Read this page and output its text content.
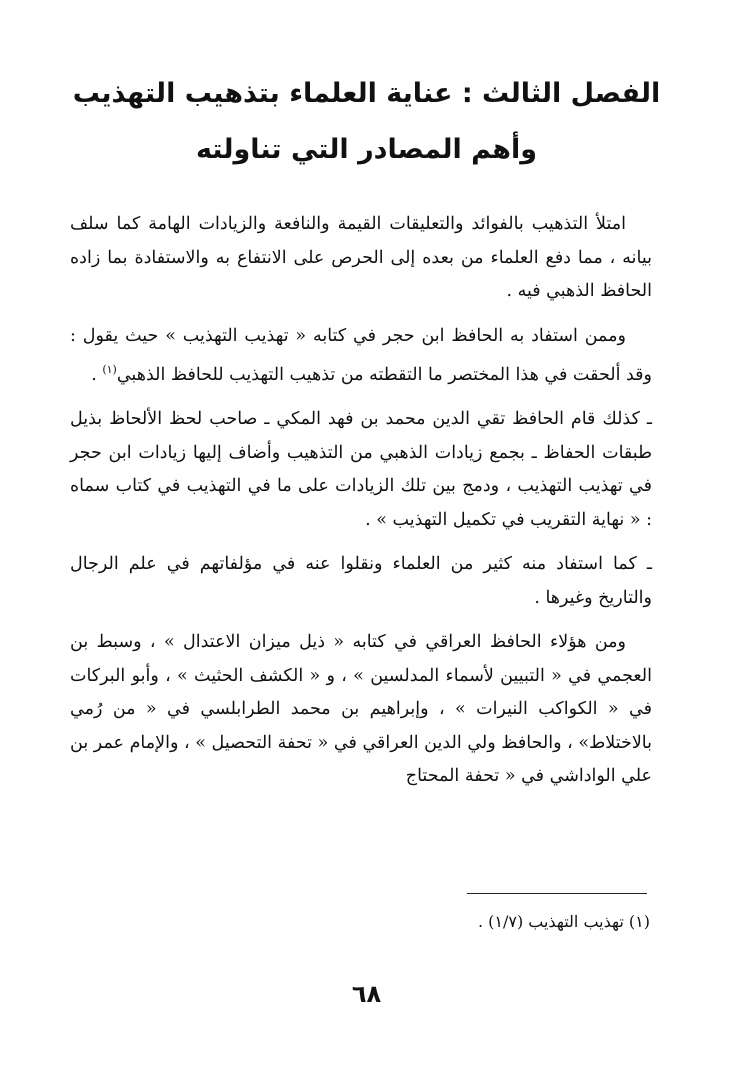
الفصل الثالث : عناية العلماء بتذهيب التهذيب
وأهم المصادر التي تناولته

امتلأ التذهيب بالفوائد والتعليقات القيمة والنافعة والزيادات الهامة كما سلف بيانه ، مما دفع العلماء من بعده إلى الحرص على الانتفاع به والاستفادة بما زاده الحافظ الذهبي فيه .

وممن استفاد به الحافظ ابن حجر في كتابه « تهذيب التهذيب » حيث يقول : وقد ألحقت في هذا المختصر ما التقطته من تذهيب التهذيب للحافظ الذهبي$^{(١)}$ .

ـ كذلك قام الحافظ تقي الدين محمد بن فهد المكي ـ صاحب لحظ الألحاظ بذيل طبقات الحفاظ ـ بجمع زيادات الذهبي من التذهيب وأضاف إليها زيادات ابن حجر في تهذيب التهذيب ، ودمج بين تلك الزيادات على ما في التهذيب في كتاب سماه : « نهاية التقريب في تكميل التهذيب » .

ـ كما استفاد منه كثير من العلماء ونقلوا عنه في مؤلفاتهم في علم الرجال والتاريخ وغيرها .

ومن هؤلاء الحافظ العراقي في كتابه « ذيل ميزان الاعتدال » ، وسبط بن العجمي في « التبيين لأسماء المدلسين » ، و « الكشف الحثيث » ، وأبو البركات في « الكواكب النيرات » ، وإبراهيم بن محمد الطرابلسي في « من رُمي بالاختلاط» ، والحافظ ولي الدين العراقي في « تحفة التحصيل » ، والإمام عمر بن علي الواداشي في « تحفة المحتاج

(١) تهذيب التهذيب (١/٧) .

٦٨
